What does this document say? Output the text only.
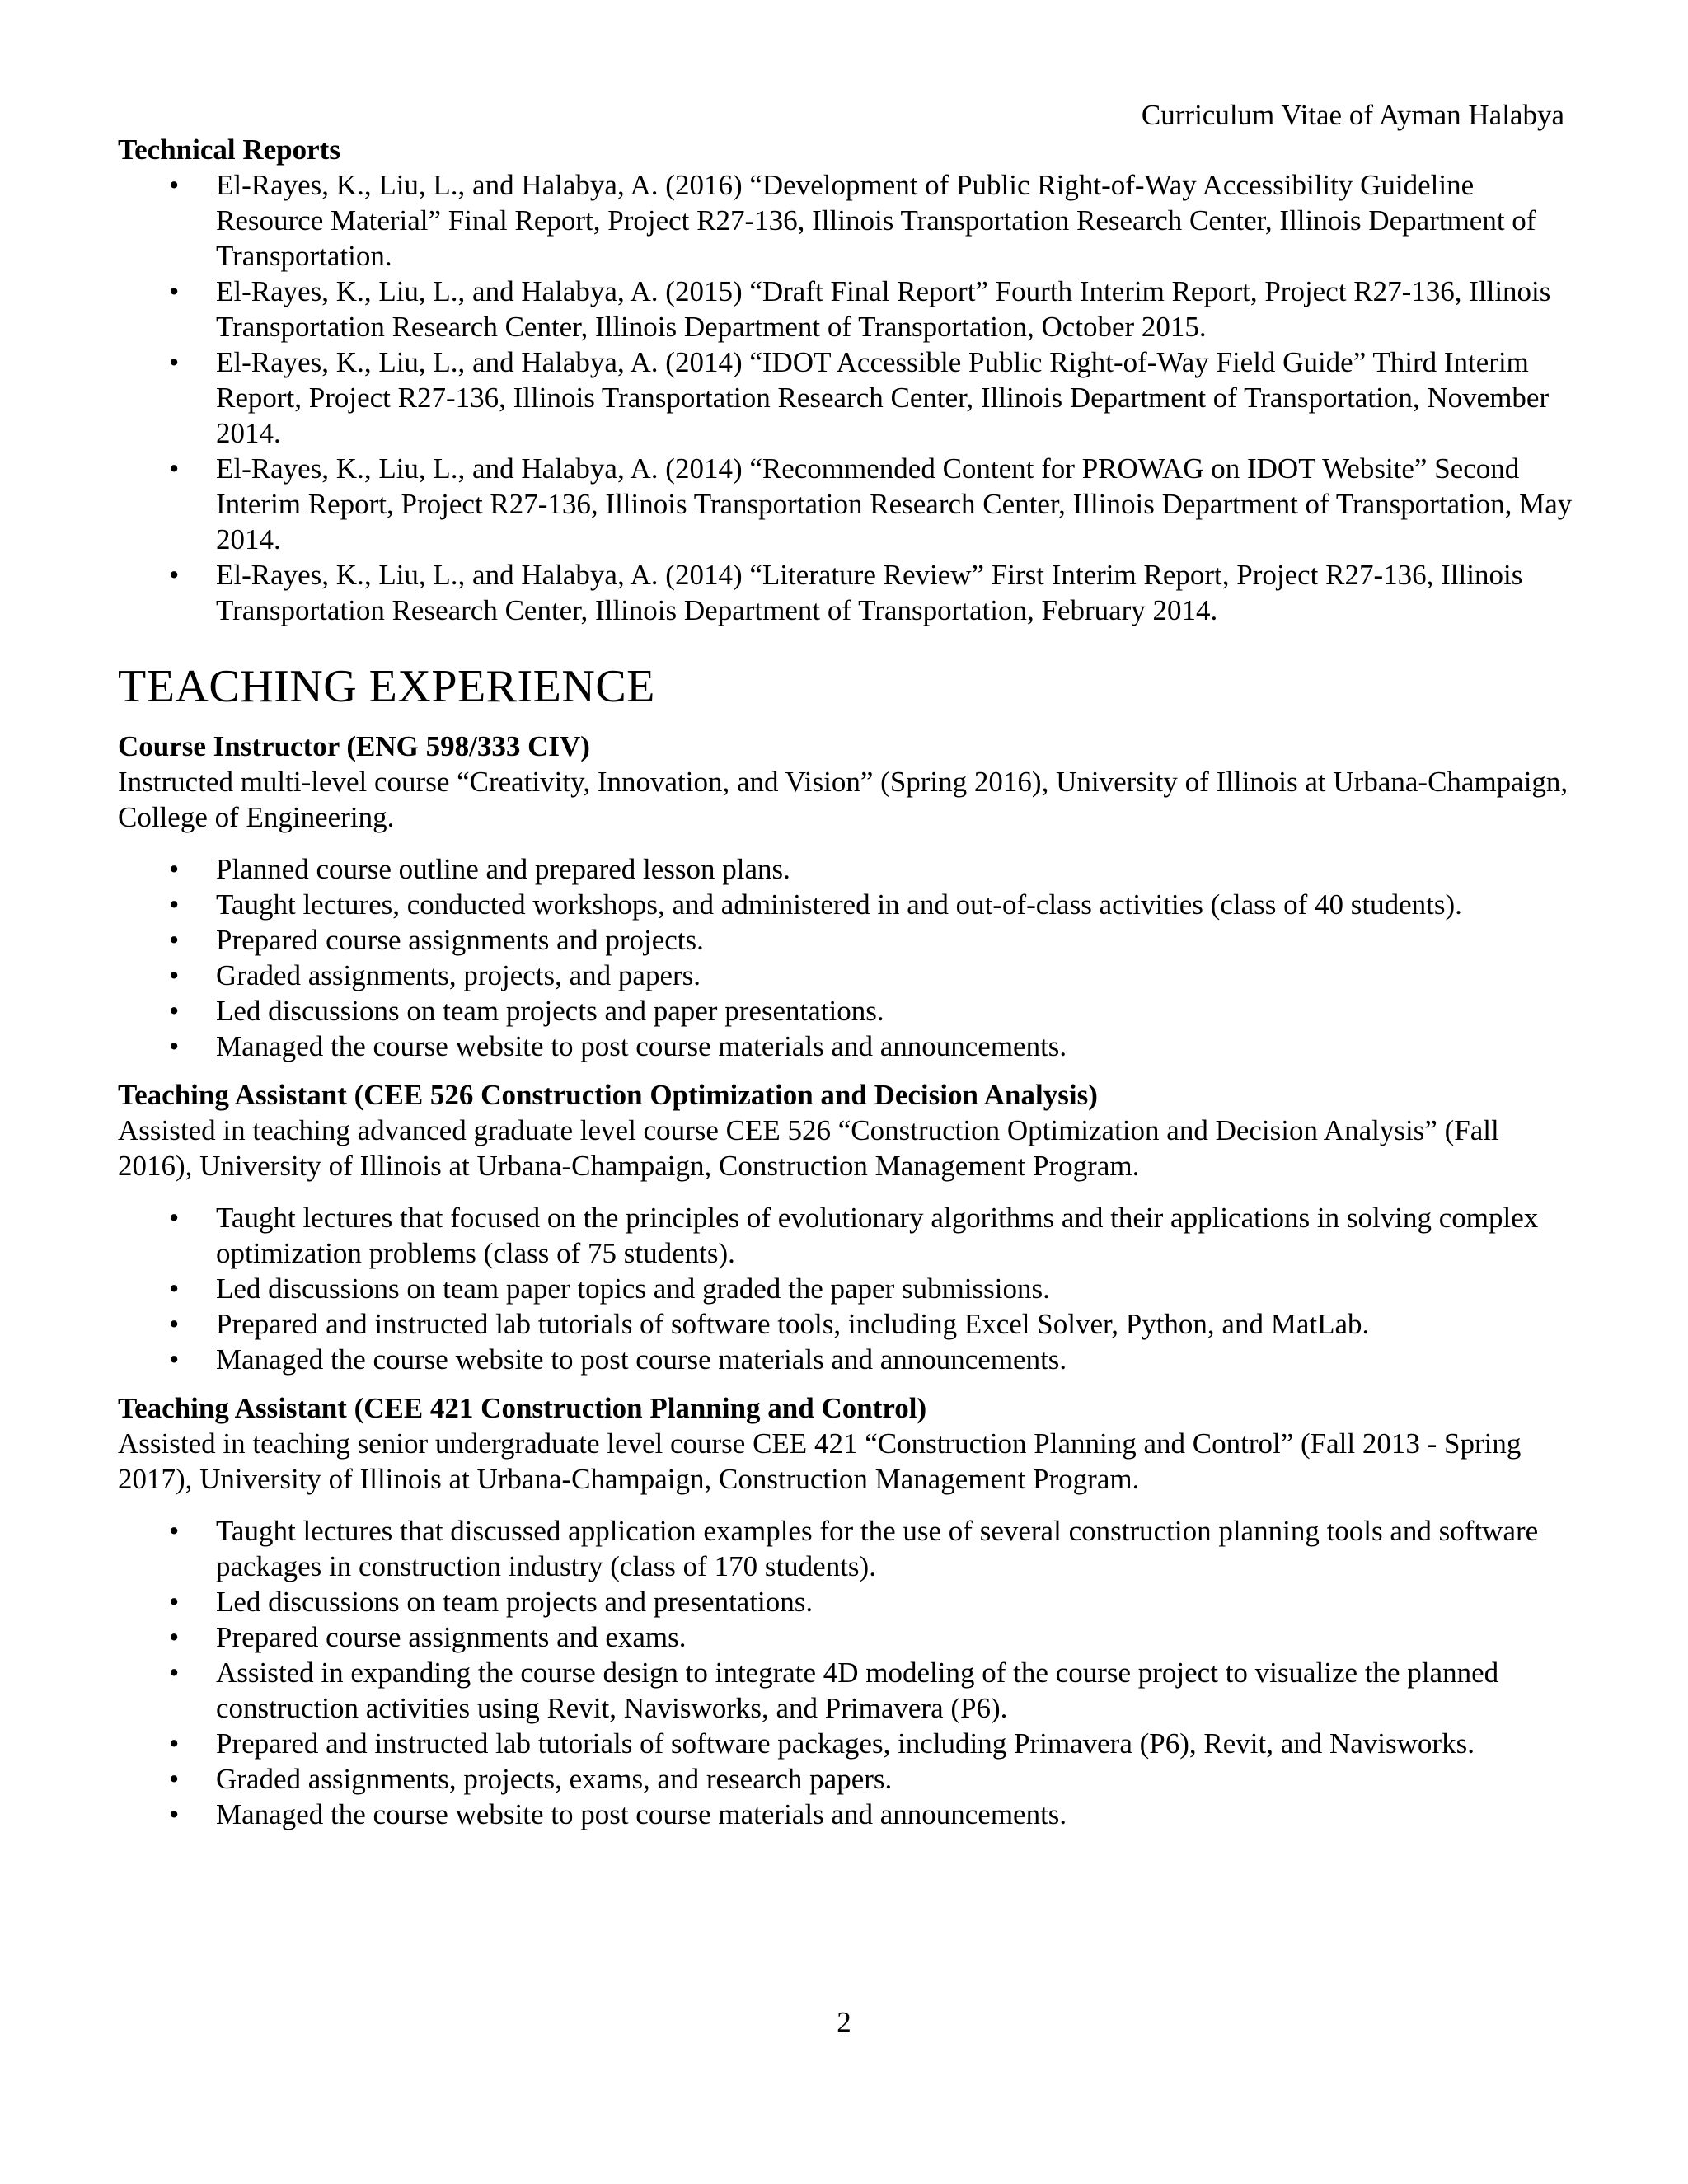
Curriculum Vitae of Ayman Halabya

Technical Reports

• El-Rayes, K., Liu, L., and Halabya, A. (2016) “Development of Public Right-of-Way Accessibility Guideline Resource Material” Final Report, Project R27-136, Illinois Transportation Research Center, Illinois Department of Transportation.
• El-Rayes, K., Liu, L., and Halabya, A. (2015) “Draft Final Report” Fourth Interim Report, Project R27-136, Illinois Transportation Research Center, Illinois Department of Transportation, October 2015.
• El-Rayes, K., Liu, L., and Halabya, A. (2014) “IDOT Accessible Public Right-of-Way Field Guide” Third Interim Report, Project R27-136, Illinois Transportation Research Center, Illinois Department of Transportation, November 2014.
• El-Rayes, K., Liu, L., and Halabya, A. (2014) “Recommended Content for PROWAG on IDOT Website” Second Interim Report, Project R27-136, Illinois Transportation Research Center, Illinois Department of Transportation, May 2014.
• El-Rayes, K., Liu, L., and Halabya, A. (2014) “Literature Review” First Interim Report, Project R27-136, Illinois Transportation Research Center, Illinois Department of Transportation, February 2014.
TEACHING EXPERIENCE

Course Instructor (ENG 598/333 CIV)

Instructed multi-level course “Creativity, Innovation, and Vision” (Spring 2016), University of Illinois at Urbana-Champaign, College of Engineering.

• Planned course outline and prepared lesson plans.
• Taught lectures, conducted workshops, and administered in and out-of-class activities (class of 40 students).
• Prepared course assignments and projects.
• Graded assignments, projects, and papers.
• Led discussions on team projects and paper presentations.
• Managed the course website to post course materials and announcements.

Teaching Assistant (CEE 526 Construction Optimization and Decision Analysis)

Assisted in teaching advanced graduate level course CEE 526 “Construction Optimization and Decision Analysis” (Fall 2016), University of Illinois at Urbana-Champaign, Construction Management Program.

• Taught lectures that focused on the principles of evolutionary algorithms and their applications in solving complex optimization problems (class of 75 students).
• Led discussions on team paper topics and graded the paper submissions.
• Prepared and instructed lab tutorials of software tools, including Excel Solver, Python, and MatLab.
• Managed the course website to post course materials and announcements.

Teaching Assistant (CEE 421 Construction Planning and Control)

Assisted in teaching senior undergraduate level course CEE 421 “Construction Planning and Control” (Fall 2013 - Spring 2017), University of Illinois at Urbana-Champaign, Construction Management Program.

• Taught lectures that discussed application examples for the use of several construction planning tools and software packages in construction industry (class of 170 students).
• Led discussions on team projects and presentations.
• Prepared course assignments and exams.
• Assisted in expanding the course design to integrate 4D modeling of the course project to visualize the planned construction activities using Revit, Navisworks, and Primavera (P6).
• Prepared and instructed lab tutorials of software packages, including Primavera (P6), Revit, and Navisworks.
• Graded assignments, projects, exams, and research papers.
• Managed the course website to post course materials and announcements.
2
